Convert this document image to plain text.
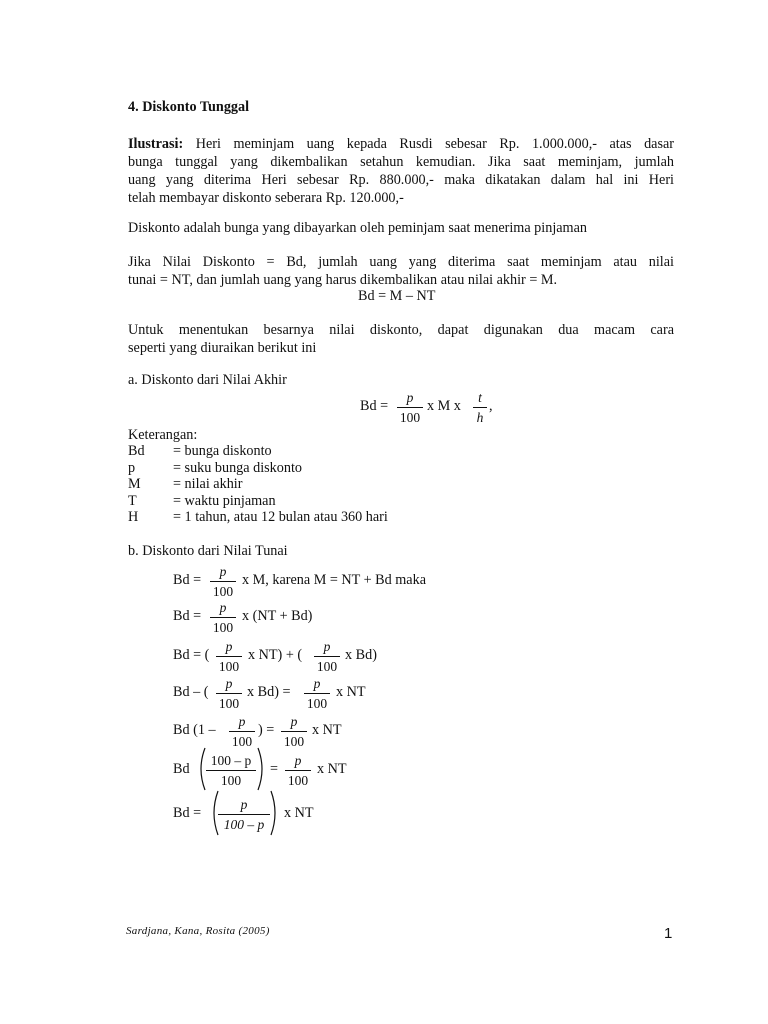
4. Diskonto Tunggal
Ilustrasi: Heri meminjam uang kepada Rusdi sebesar Rp. 1.000.000,- atas dasar
bunga tunggal yang dikembalikan setahun kemudian. Jika saat meminjam, jumlah
uang yang diterima Heri sebesar Rp. 880.000,- maka dikatakan dalam hal ini Heri
telah membayar diskonto seberara Rp. 120.000,-
Diskonto adalah bunga yang dibayarkan oleh peminjam saat menerima pinjaman
Jika Nilai Diskonto = Bd, jumlah uang yang diterima saat meminjam atau nilai
tunai = NT, dan jumlah uang yang harus dikembalikan atau nilai akhir = M.
Bd = M – NT
Untuk menentukan besarnya nilai diskonto, dapat digunakan dua macam cara
seperti yang diuraikan berikut ini
a. Diskonto dari Nilai Akhir
Bd =
p
100
x M x
t
h
,
Keterangan:
Bd = bunga diskonto
p	= suku bunga diskonto
M = nilai akhir
T	= waktu pinjaman
H = 1 tahun, atau 12 bulan atau 360 hari
b. Diskonto dari Nilai Tunai
Bd =
p
100
x M, karena M = NT + Bd maka
Bd =
p
100
x (NT + Bd)
Bd = (
p
100
x NT) + (
p
100
x Bd)
Bd – (
p
100
x Bd) =
p
100
x NT
Bd (1 –
p
100
) =
p
100
x NT
Bd
100 – p
100
=
p
100
x NT
Bd =
p
100 – p
x NT
Sardjana, Kana, Rosita (2005)	1
